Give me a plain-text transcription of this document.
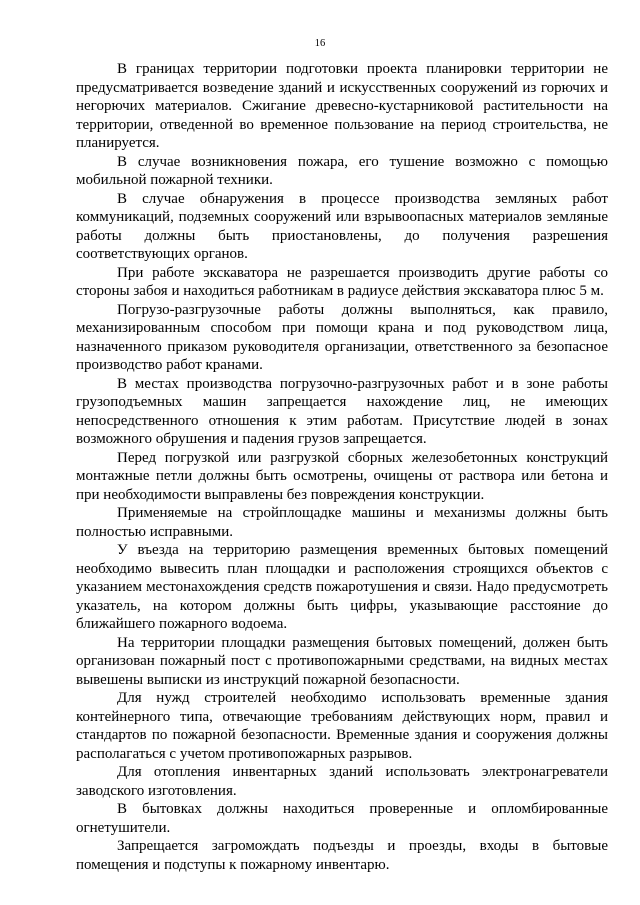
16

В границах территории подготовки проекта планировки территории не предусматривается возведение зданий и искусственных сооружений из горючих и негорючих материалов. Сжигание древесно-кустарниковой растительности на территории, отведенной во временное пользование на период строительства, не планируется.

В случае возникновения пожара, его тушение возможно с помощью мобильной пожарной техники.

В случае обнаружения в процессе производства земляных работ коммуникаций, подземных сооружений или взрывоопасных материалов земляные работы должны быть приостановлены, до получения разрешения соответствующих органов.

При работе экскаватора не разрешается производить другие работы со стороны забоя и находиться работникам в радиусе действия экскаватора плюс 5 м.

Погрузо-разгрузочные работы должны выполняться, как правило, механизированным способом при помощи крана и под руководством лица, назначенного приказом руководителя организации, ответственного за безопасное производство работ кранами.

В местах производства погрузочно-разгрузочных работ и в зоне работы грузоподъемных машин запрещается нахождение лиц, не имеющих непосредственного отношения к этим работам. Присутствие людей в зонах возможного обрушения и падения грузов запрещается.

Перед погрузкой или разгрузкой сборных железобетонных конструкций монтажные петли должны быть осмотрены, очищены от раствора или бетона и при необходимости выправлены без повреждения конструкции.

Применяемые на стройплощадке машины и механизмы должны быть полностью исправными.

У въезда на территорию размещения временных бытовых помещений необходимо вывесить план площадки и расположения строящихся объектов с указанием местонахождения средств пожаротушения и связи. Надо предусмотреть указатель, на котором должны быть цифры, указывающие расстояние до ближайшего пожарного водоема.

На территории площадки размещения бытовых помещений, должен быть организован пожарный пост с противопожарными средствами, на видных местах вывешены выписки из инструкций пожарной безопасности.

Для нужд строителей необходимо использовать временные здания контейнерного типа, отвечающие требованиям действующих норм, правил и стандартов по пожарной безопасности. Временные здания и сооружения должны располагаться с учетом противопожарных разрывов.

Для отопления инвентарных зданий использовать электронагреватели заводского изготовления.

В бытовках должны находиться проверенные и опломбированные огнетушители.

Запрещается загромождать подъезды и проезды, входы в бытовые помещения и подступы к пожарному инвентарю.
